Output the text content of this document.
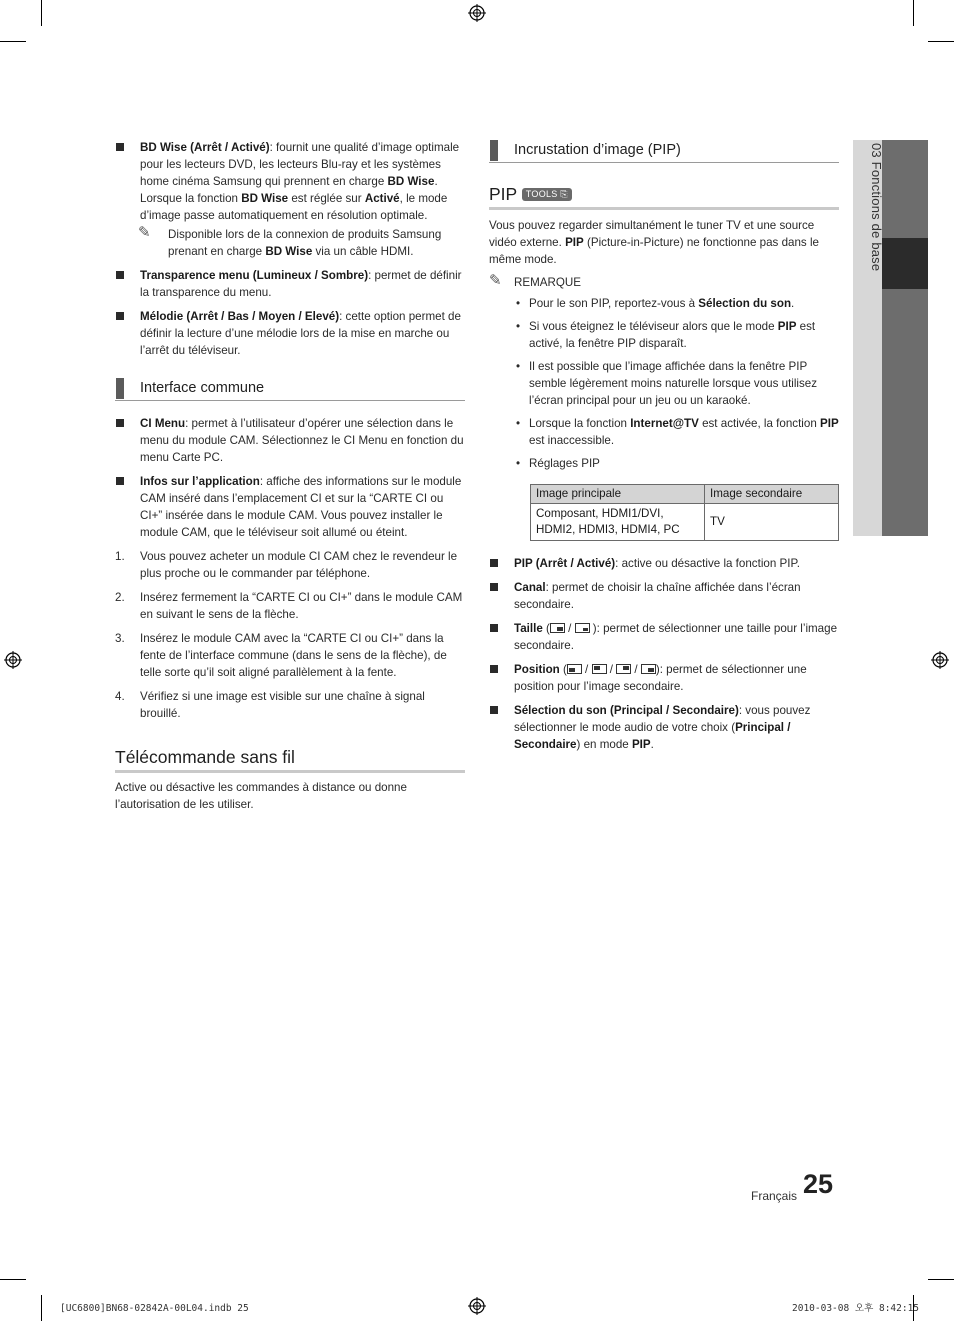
03 Fonctions de base
BD Wise (Arrêt / Activé): fournit une qualité d’image optimale pour les lecteurs DVD, les lecteurs Blu-ray et les systèmes home cinéma Samsung qui prennent en charge BD Wise. Lorsque la fonction BD Wise est réglée sur Activé, le mode d’image passe automatiquement en résolution optimale.
✎ Disponible lors de la connexion de produits Samsung prenant en charge BD Wise via un câble HDMI.
Transparence menu (Lumineux / Sombre): permet de définir la transparence du menu.
Mélodie (Arrêt / Bas / Moyen / Elevé): cette option permet de définir la lecture d’une mélodie lors de la mise en marche ou l’arrêt du téléviseur.
Interface commune
CI Menu: permet à l’utilisateur d’opérer une sélection dans le menu du module CAM. Sélectionnez le CI Menu en fonction du menu Carte PC.
Infos sur l’application: affiche des informations sur le module CAM inséré dans l’emplacement CI et sur la “CARTE CI ou CI+” insérée dans le module CAM. Vous pouvez installer le module CAM, que le téléviseur soit allumé ou éteint.
1. Vous pouvez acheter un module CI CAM chez le revendeur le plus proche ou le commander par téléphone.
2. Insérez fermement la “CARTE CI ou CI+” dans le module CAM en suivant le sens de la flèche.
3. Insérez le module CAM avec la “CARTE CI ou CI+” dans la fente de l’interface commune (dans le sens de la flèche), de telle sorte qu’il soit aligné parallèlement à la fente.
4. Vérifiez si une image est visible sur une chaîne à signal brouillé.
Télécommande sans fil
Active ou désactive les commandes à distance ou donne l’autorisation de les utiliser.
Incrustation d’image (PIP)
PIP TOOLS ⎘
Vous pouvez regarder simultanément le tuner TV et une source vidéo externe. PIP (Picture-in-Picture) ne fonctionne pas dans le même mode.
✎ REMARQUE
• Pour le son PIP, reportez-vous à Sélection du son.
• Si vous éteignez le téléviseur alors que le mode PIP est activé, la fenêtre PIP disparaît.
• Il est possible que l’image affichée dans la fenêtre PIP semble légèrement moins naturelle lorsque vous utilisez l’écran principal pour un jeu ou un karaoké.
• Lorsque la fonction Internet@TV est activée, la fonction PIP est inaccessible.
• Réglages PIP
Image principale	Image secondaire
Composant, HDMI1/DVI, HDMI2, HDMI3, HDMI4, PC	TV
PIP (Arrêt / Activé): active ou désactive la fonction PIP.
Canal: permet de choisir la chaîne affichée dans l’écran secondaire.
Taille (
/
): permet de sélectionner une taille pour l’image secondaire.
Position (
/
/
/
): permet de sélectionner une position pour l’image secondaire.
Sélection du son (Principal / Secondaire): vous pouvez sélectionner le mode audio de votre choix (Principal / Secondaire) en mode PIP.
Français 25
[UC6800]BN68-02842A-00L04.indb 25	2010-03-08 오후 8:42:15
